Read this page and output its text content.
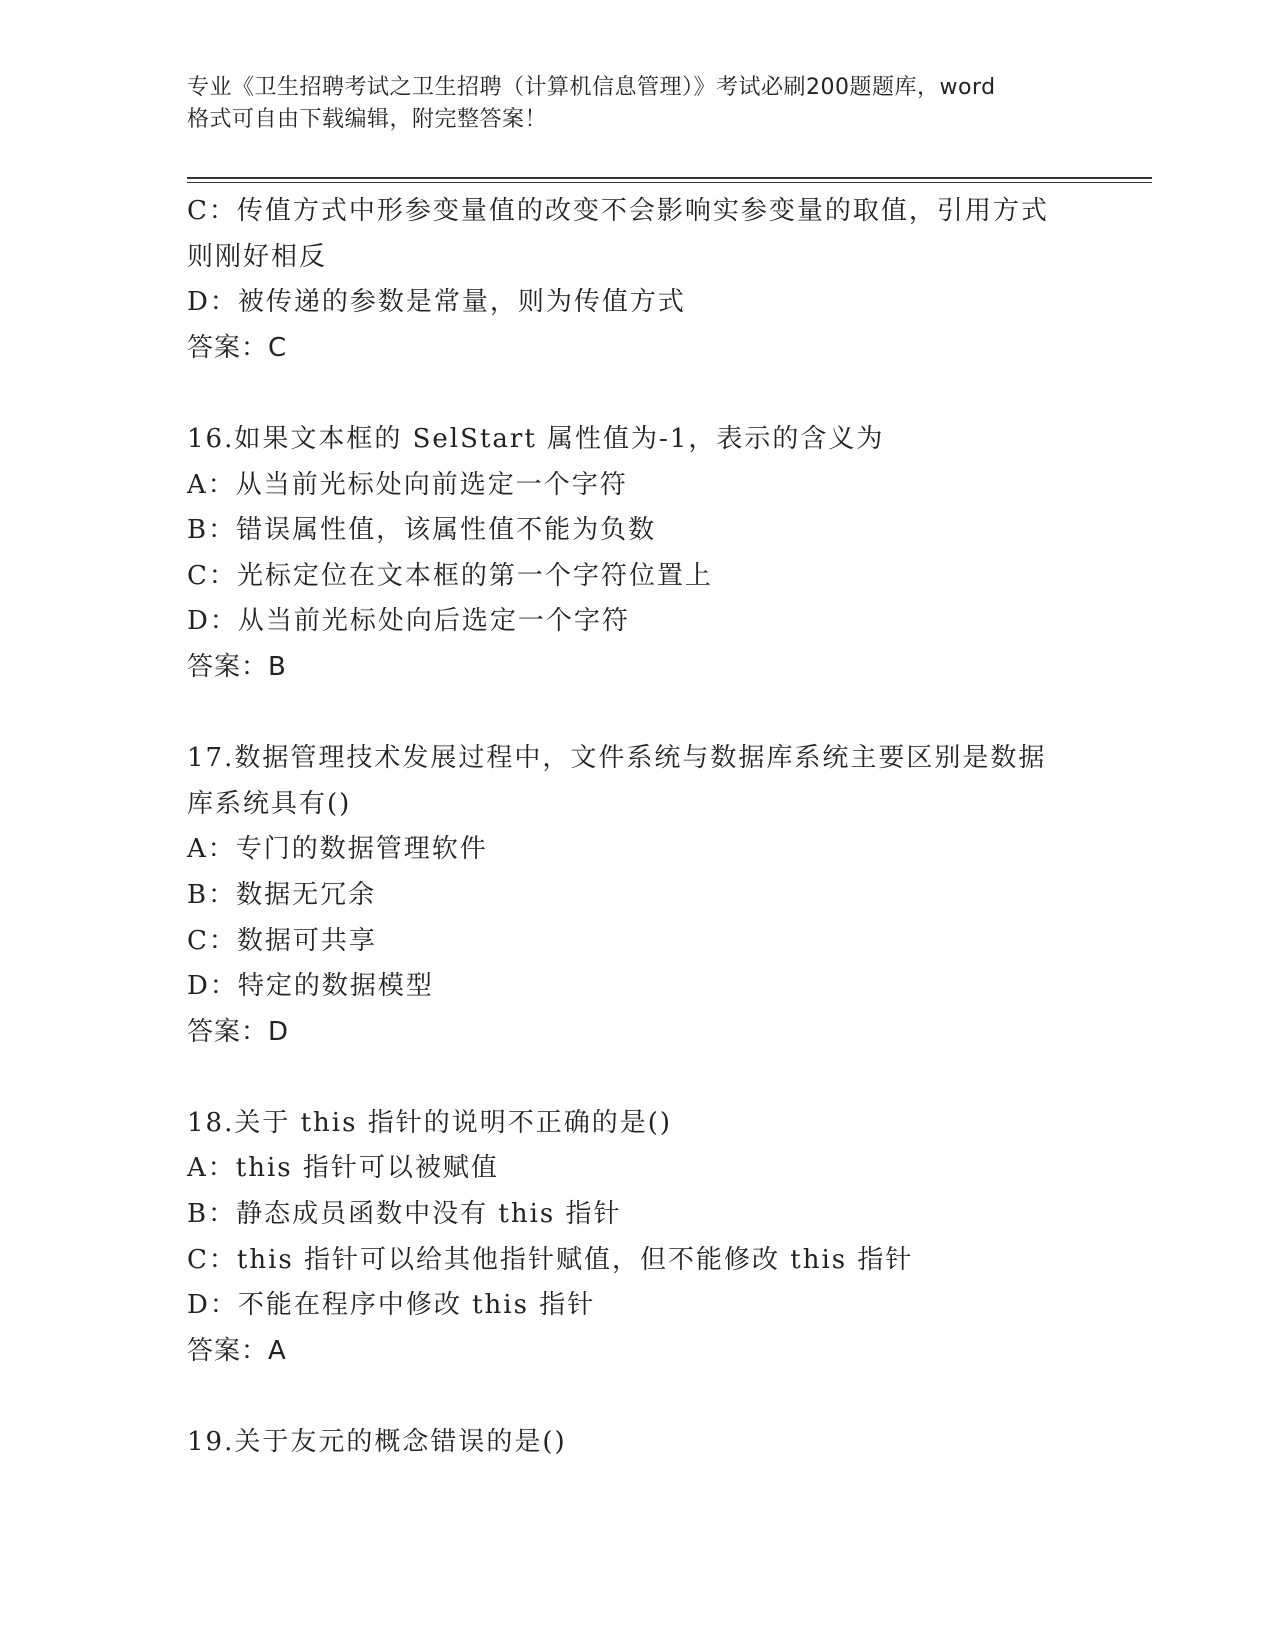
专业《卫生招聘考试之卫生招聘（计算机信息管理）》考试必刷200题题库，word
格式可自由下载编辑，附完整答案！
C：传值方式中形参变量值的改变不会影响实参变量的取值，引用方式
则刚好相反
D：被传递的参数是常量，则为传值方式
答案：C
16.如果文本框的 SelStart 属性值为-1，表示的含义为
A：从当前光标处向前选定一个字符
B：错误属性值，该属性值不能为负数
C：光标定位在文本框的第一个字符位置上
D：从当前光标处向后选定一个字符
答案：B
17.数据管理技术发展过程中，文件系统与数据库系统主要区别是数据
库系统具有()
A：专门的数据管理软件
B：数据无冗余
C：数据可共享
D：特定的数据模型
答案：D
18.关于 this 指针的说明不正确的是()
A：this 指针可以被赋值
B：静态成员函数中没有 this 指针
C：this 指针可以给其他指针赋值，但不能修改 this 指针
D：不能在程序中修改 this 指针
答案：A
19.关于友元的概念错误的是()
